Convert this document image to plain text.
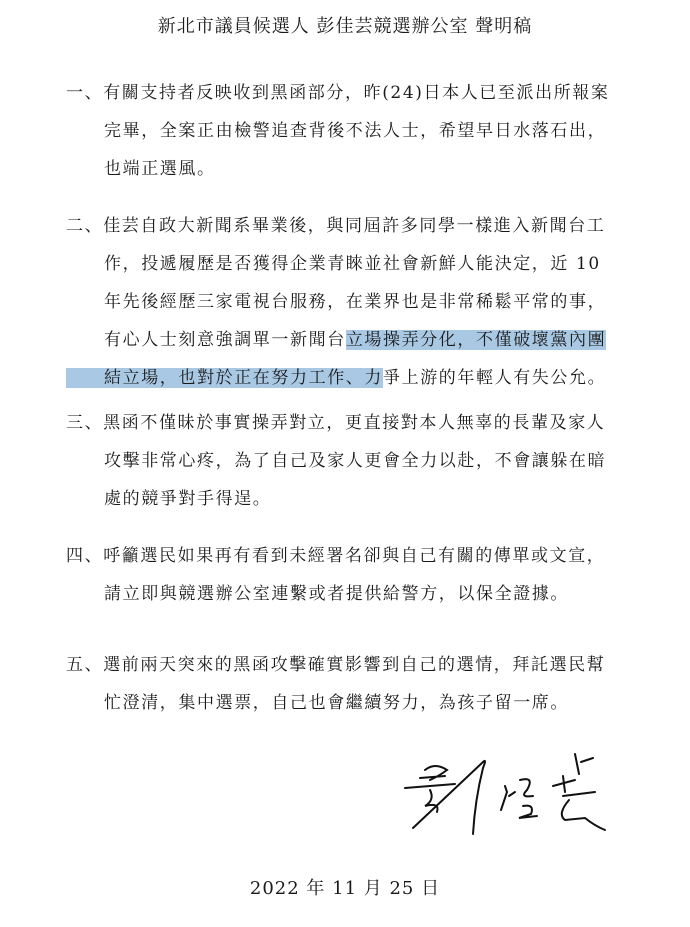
新北市議員候選人 彭佳芸競選辦公室 聲明稿
一、有關支持者反映收到黑函部分，昨(24)日本人已至派出所報案
完畢，全案正由檢警追查背後不法人士，希望早日水落石出，
也端正選風。
二、佳芸自政大新聞系畢業後，與同屆許多同學一樣進入新聞台工
作，投遞履歷是否獲得企業青睞並社會新鮮人能決定，近 10
年先後經歷三家電視台服務，在業界也是非常稀鬆平常的事，
有心人士刻意強調單一新聞台立場操弄分化，不僅破壞黨內團
結立場，也對於正在努力工作、力爭上游的年輕人有失公允。
三、黑函不僅昧於事實操弄對立，更直接對本人無辜的長輩及家人
攻擊非常心疼，為了自己及家人更會全力以赴，不會讓躲在暗
處的競爭對手得逞。
四、呼籲選民如果再有看到未經署名卻與自己有關的傳單或文宣，
請立即與競選辦公室連繫或者提供給警方，以保全證據。
五、選前兩天突來的黑函攻擊確實影響到自己的選情，拜託選民幫
忙澄清，集中選票，自己也會繼續努力，為孩子留一席。
2022 年 11 月 25 日
